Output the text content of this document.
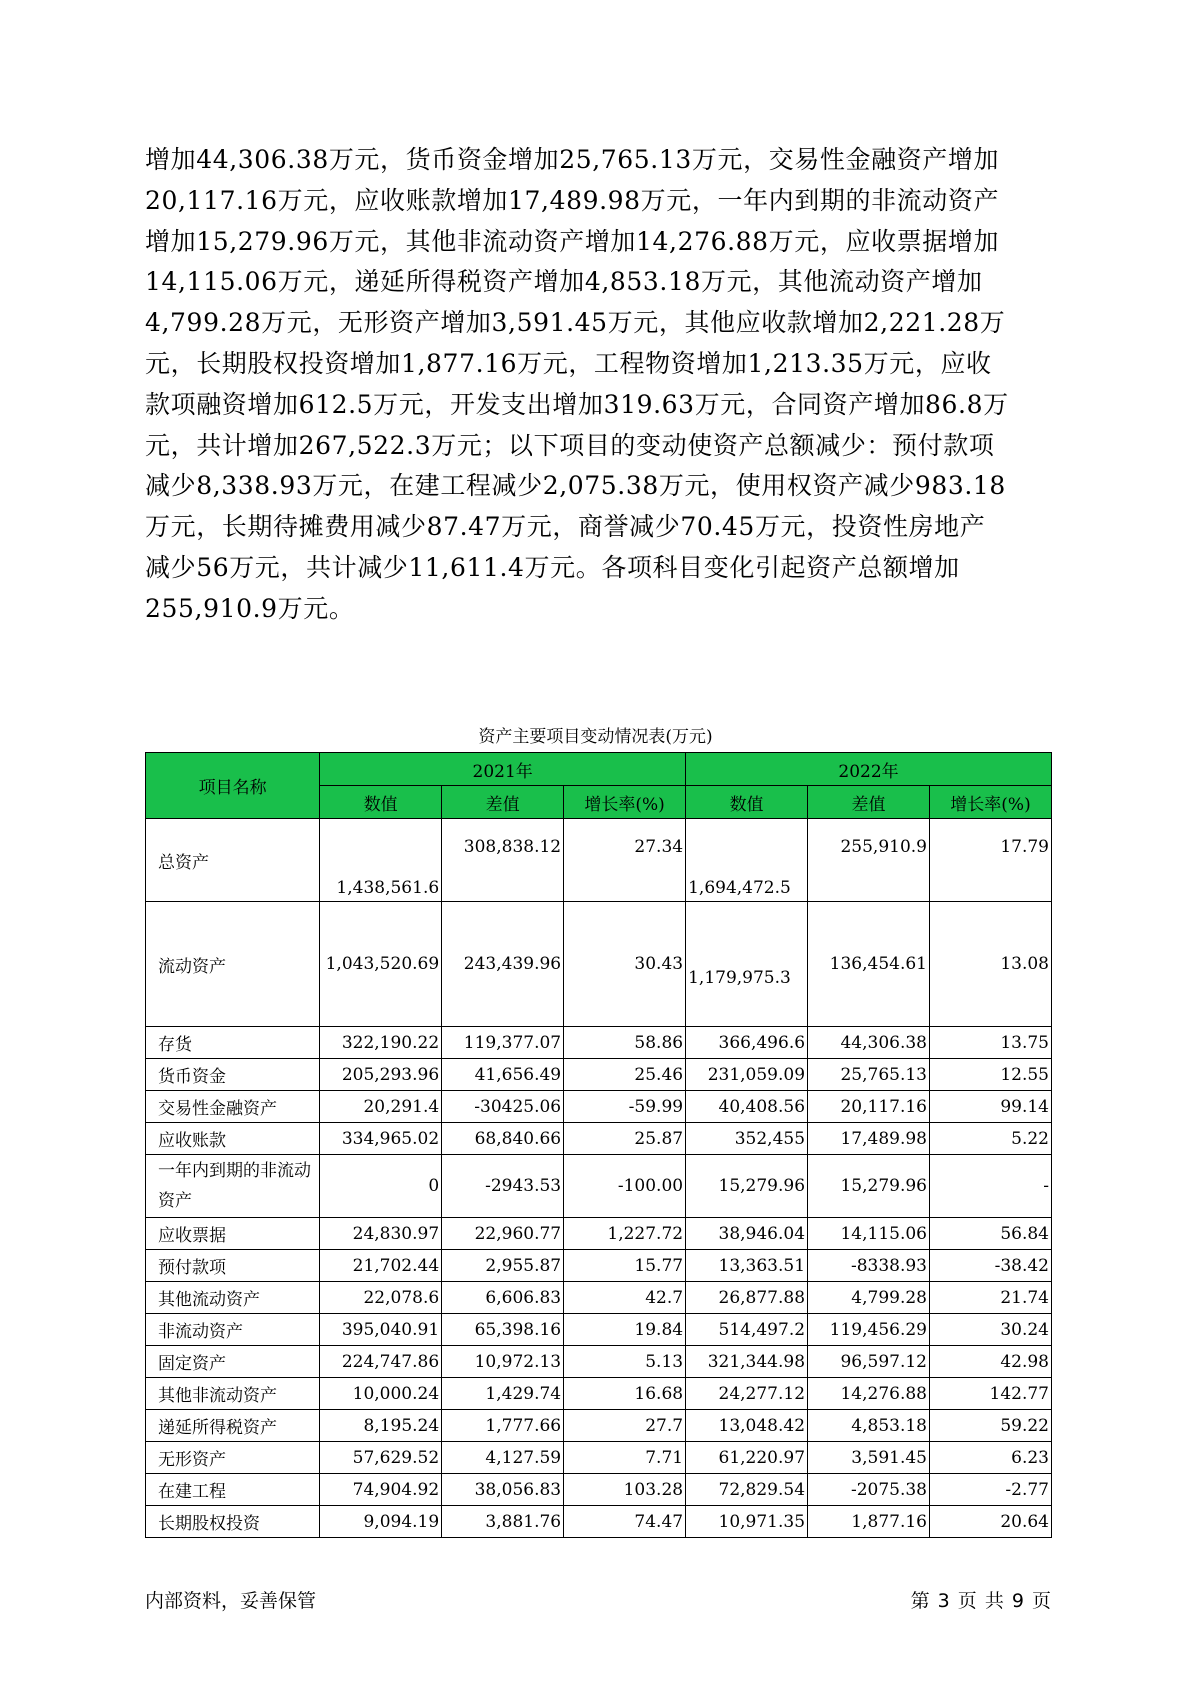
增加44,306.38万元，货币资金增加25,765.13万元，交易性金融资产增加
20,117.16万元，应收账款增加17,489.98万元，一年内到期的非流动资产
增加15,279.96万元，其他非流动资产增加14,276.88万元，应收票据增加
14,115.06万元，递延所得税资产增加4,853.18万元，其他流动资产增加
4,799.28万元，无形资产增加3,591.45万元，其他应收款增加2,221.28万
元，长期股权投资增加1,877.16万元，工程物资增加1,213.35万元，应收
款项融资增加612.5万元，开发支出增加319.63万元，合同资产增加86.8万
元，共计增加267,522.3万元；以下项目的变动使资产总额减少：预付款项
减少8,338.93万元，在建工程减少2,075.38万元，使用权资产减少983.18
万元，长期待摊费用减少87.47万元，商誉减少70.45万元，投资性房地产
减少56万元，共计减少11,611.4万元。各项科目变化引起资产总额增加
255,910.9万元。
资产主要项目变动情况表(万元)
项目名称	2021年			2022年		
	数值	差值	增长率(%)	数值	差值	增长率(%)
总资产	1,438,561.6	308,838.12	27.34	1,694,472.5	255,910.9	17.79
流动资产	1,043,520.69	243,439.96	30.43	1,179,975.3	136,454.61	13.08
存货	322,190.22	119,377.07	58.86	366,496.6	44,306.38	13.75
货币资金	205,293.96	41,656.49	25.46	231,059.09	25,765.13	12.55
交易性金融资产	20,291.4	-30425.06	-59.99	40,408.56	20,117.16	99.14
应收账款	334,965.02	68,840.66	25.87	352,455	17,489.98	5.22
一年内到期的非流动资产	0	-2943.53	-100.00	15,279.96	15,279.96	-
应收票据	24,830.97	22,960.77	1,227.72	38,946.04	14,115.06	56.84
预付款项	21,702.44	2,955.87	15.77	13,363.51	-8338.93	-38.42
其他流动资产	22,078.6	6,606.83	42.7	26,877.88	4,799.28	21.74
非流动资产	395,040.91	65,398.16	19.84	514,497.2	119,456.29	30.24
固定资产	224,747.86	10,972.13	5.13	321,344.98	96,597.12	42.98
其他非流动资产	10,000.24	1,429.74	16.68	24,277.12	14,276.88	142.77
递延所得税资产	8,195.24	1,777.66	27.7	13,048.42	4,853.18	59.22
无形资产	57,629.52	4,127.59	7.71	61,220.97	3,591.45	6.23
在建工程	74,904.92	38,056.83	103.28	72,829.54	-2075.38	-2.77
长期股权投资	9,094.19	3,881.76	74.47	10,971.35	1,877.16	20.64
内部资料，妥善保管	第 3 页 共 9 页
